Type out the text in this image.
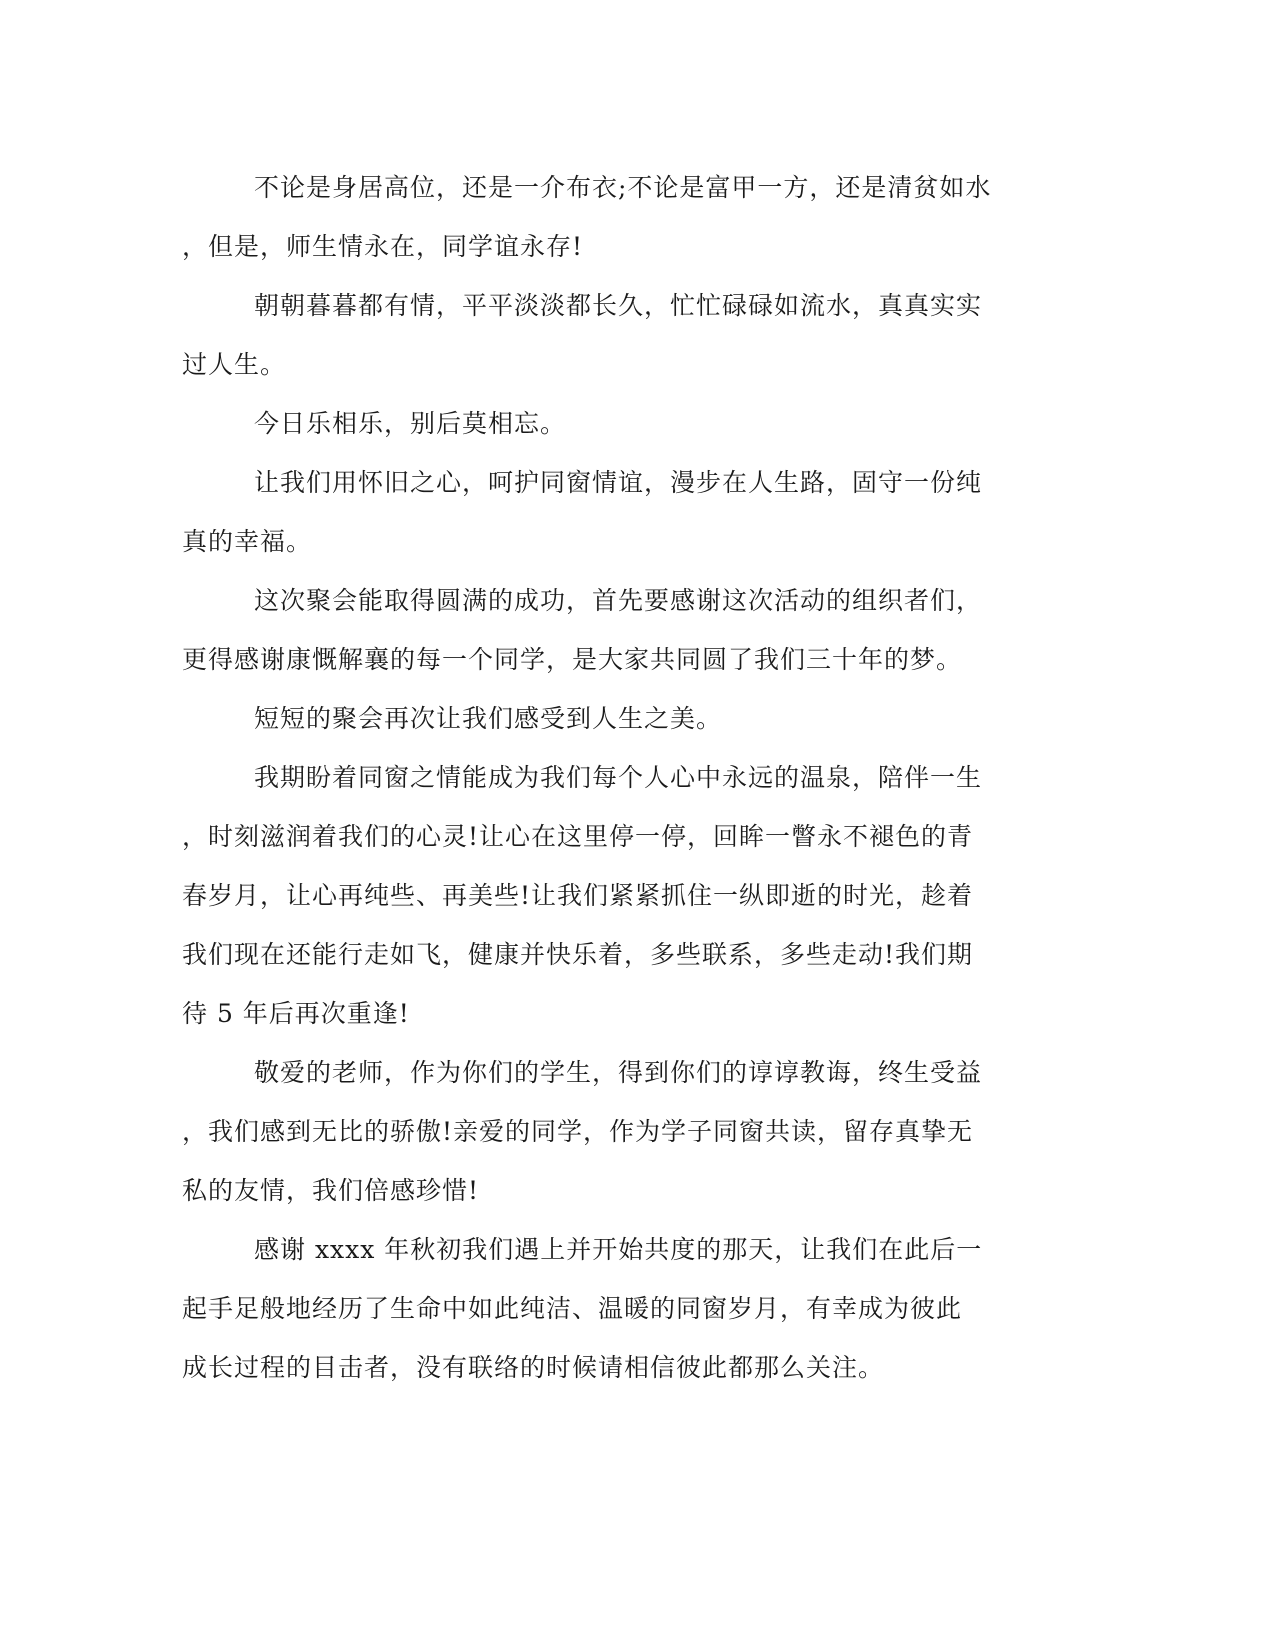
不论是身居高位，还是一介布衣;不论是富甲一方，还是清贫如水
，但是，师生情永在，同学谊永存!
朝朝暮暮都有情，平平淡淡都长久，忙忙碌碌如流水，真真实实
过人生。
今日乐相乐，别后莫相忘。
让我们用怀旧之心，呵护同窗情谊，漫步在人生路，固守一份纯
真的幸福。
这次聚会能取得圆满的成功，首先要感谢这次活动的组织者们，
更得感谢康慨解襄的每一个同学，是大家共同圆了我们三十年的梦。
短短的聚会再次让我们感受到人生之美。
我期盼着同窗之情能成为我们每个人心中永远的温泉，陪伴一生
，时刻滋润着我们的心灵!让心在这里停一停，回眸一瞥永不褪色的青
春岁月，让心再纯些、再美些!让我们紧紧抓住一纵即逝的时光，趁着
我们现在还能行走如飞，健康并快乐着，多些联系，多些走动!我们期
待 5 年后再次重逢!
敬爱的老师，作为你们的学生，得到你们的谆谆教诲，终生受益
，我们感到无比的骄傲!亲爱的同学，作为学子同窗共读，留存真挚无
私的友情，我们倍感珍惜!
感谢 xxxx 年秋初我们遇上并开始共度的那天，让我们在此后一
起手足般地经历了生命中如此纯洁、温暖的同窗岁月，有幸成为彼此
成长过程的目击者，没有联络的时候请相信彼此都那么关注。
